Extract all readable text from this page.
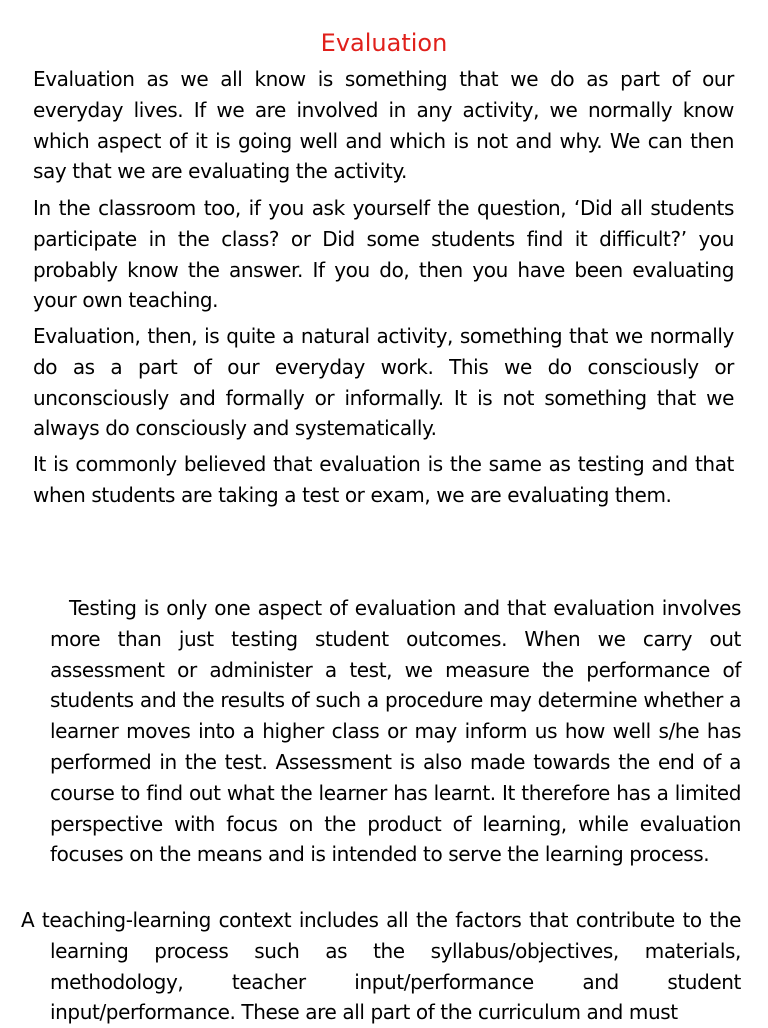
Evaluation

Evaluation as we all know is something that we do as part of our everyday lives. If we are involved in any activity, we normally know which aspect of it is going well and which is not and why. We can then say that we are evaluating the activity.

In the classroom too, if you ask yourself the question, ‘Did all students participate in the class? or Did some students find it difficult?’ you probably know the answer. If you do, then you have been evaluating your own teaching.

Evaluation, then, is quite a natural activity, something that we normally do as a part of our everyday work. This we do consciously or unconsciously and formally or informally. It is not something that we always do consciously and systematically.

It is commonly believed that evaluation is the same as testing and that when students are taking a test or exam, we are evaluating them.

Testing is only one aspect of evaluation and that evaluation involves more than just testing student outcomes. When we carry out assessment or administer a test, we measure the performance of students and the results of such a procedure may determine whether a learner moves into a higher class or may inform us how well s/he has performed in the test. Assessment is also made towards the end of a course to find out what the learner has learnt. It therefore has a limited perspective with focus on the product of learning, while evaluation focuses on the means and is intended to serve the learning process.

A teaching-learning context includes all the factors that contribute to the learning process such as the syllabus/objectives, materials, methodology, teacher input/performance and student input/performance. These are all part of the curriculum and must
